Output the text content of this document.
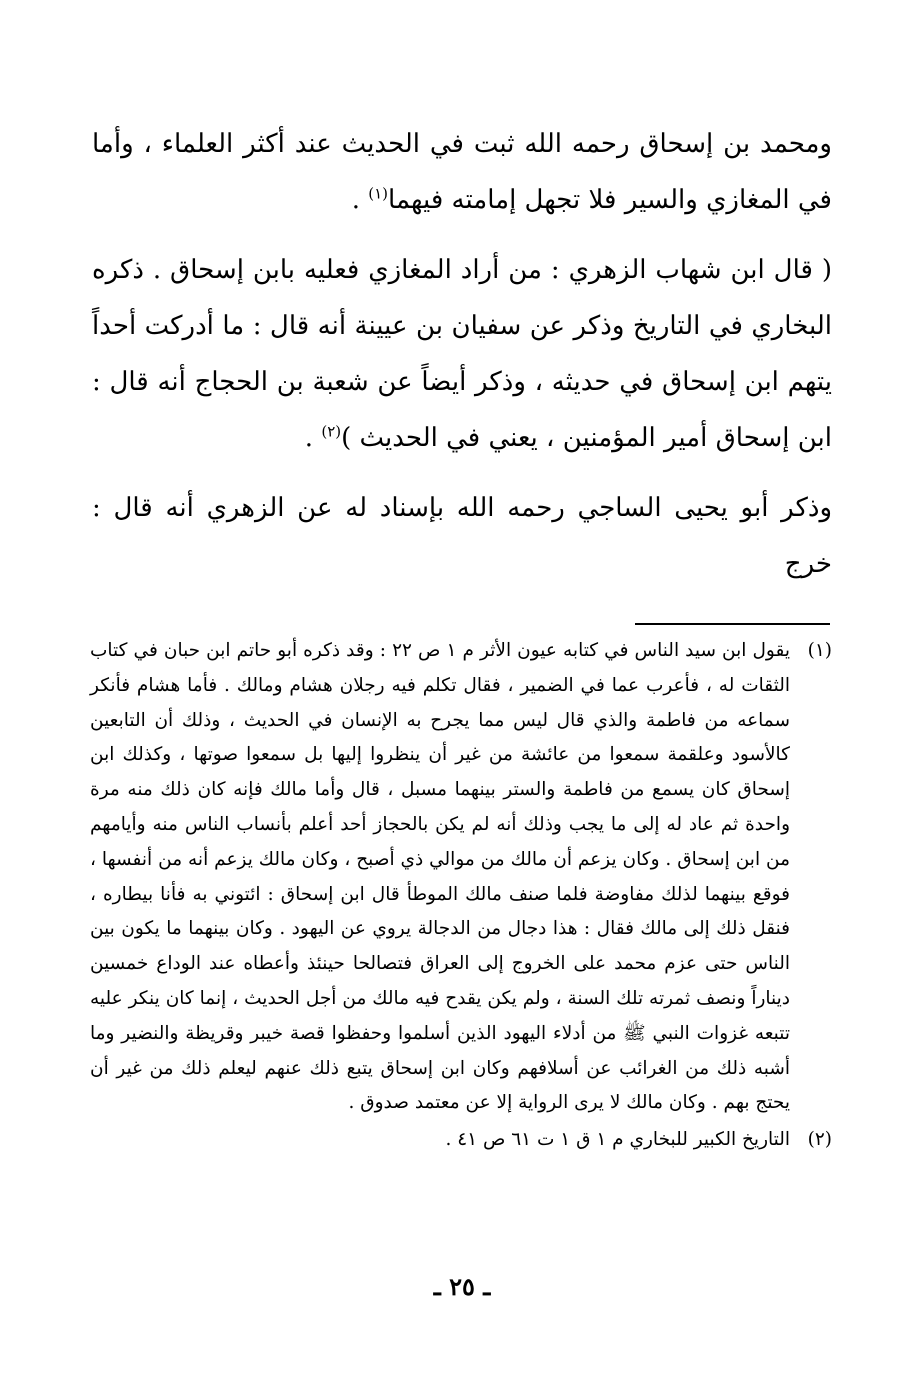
ومحمد بن إسحاق رحمه الله ثبت في الحديث عند أكثر العلماء ، وأما في المغازي والسير فلا تجهل إمامته فيهما$^{(١)}$ .

( قال ابن شهاب الزهري : من أراد المغازي فعليه بابن إسحاق . ذكره البخاري في التاريخ وذكر عن سفيان بن عيينة أنه قال : ما أدركت أحداً يتهم ابن إسحاق في حديثه ، وذكر أيضاً عن شعبة بن الحجاج أنه قال : ابن إسحاق أمير المؤمنين ، يعني في الحديث )$^{(٢)}$ .

وذكر أبو يحيى الساجي رحمه الله بإسناد له عن الزهري أنه قال : خرج

(١)
يقول ابن سيد الناس في كتابه عيون الأثر م ١ ص ٢٢ : وقد ذكره أبو حاتم ابن حبان في كتاب الثقات له ، فأعرب عما في الضمير ، فقال تكلم فيه رجلان هشام ومالك . فأما هشام فأنكر سماعه من فاطمة والذي قال ليس مما يجرح به الإنسان في الحديث ، وذلك أن التابعين كالأسود وعلقمة سمعوا من عائشة من غير أن ينظروا إليها بل سمعوا صوتها ، وكذلك ابن إسحاق كان يسمع من فاطمة والستر بينهما مسبل ، قال وأما مالك فإنه كان ذلك منه مرة واحدة ثم عاد له إلى ما يجب وذلك أنه لم يكن بالحجاز أحد أعلم بأنساب الناس منه وأيامهم من ابن إسحاق . وكان يزعم أن مالك من موالي ذي أصبح ، وكان مالك يزعم أنه من أنفسها ، فوقع بينهما لذلك مفاوضة فلما صنف مالك الموطأ قال ابن إسحاق : ائتوني به فأنا بيطاره ، فنقل ذلك إلى مالك فقال : هذا دجال من الدجالة يروي عن اليهود . وكان بينهما ما يكون بين الناس حتى عزم محمد على الخروج إلى العراق فتصالحا حينئذ وأعطاه عند الوداع خمسين ديناراً ونصف ثمرته تلك السنة ، ولم يكن يقدح فيه مالك من أجل الحديث ، إنما كان ينكر عليه تتبعه غزوات النبي ﷺ من أدلاء اليهود الذين أسلموا وحفظوا قصة خيبر وقريظة والنضير وما أشبه ذلك من الغرائب عن أسلافهم وكان ابن إسحاق يتبع ذلك عنهم ليعلم ذلك من غير أن يحتج بهم . وكان مالك لا يرى الرواية إلا عن معتمد صدوق .
(٢)
التاريخ الكبير للبخاري م ١ ق ١ ت ٦١ ص ٤١ .
ـ ٢٥ ـ
